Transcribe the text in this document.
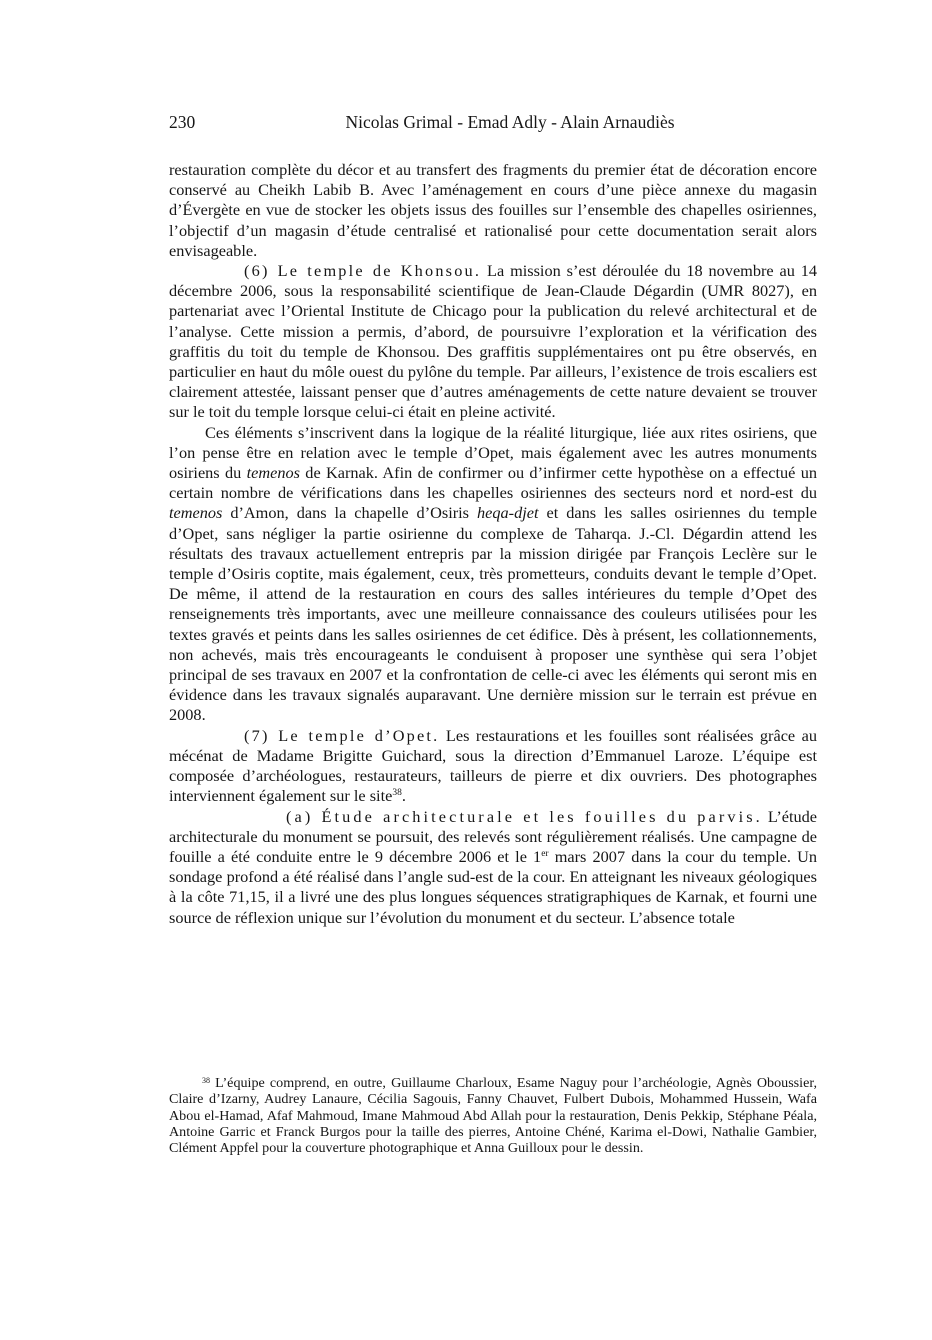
230	Nicolas Grimal - Emad Adly - Alain Arnaudiès

restauration complète du décor et au transfert des fragments du premier état de décoration encore conservé au Cheikh Labib B. Avec l’aménagement en cours d’une pièce annexe du magasin d’Évergète en vue de stocker les objets issus des fouilles sur l’ensemble des chapelles osiriennes, l’objectif d’un magasin d’étude centralisé et rationalisé pour cette documentation serait alors envisageable.

(6) Le temple de Khonsou. La mission s’est déroulée du 18 novembre au 14 décembre 2006, sous la responsabilité scientifique de Jean-Claude Dégardin (UMR 8027), en partenariat avec l’Oriental Institute de Chicago pour la publication du relevé architectural et de l’analyse. Cette mission a permis, d’abord, de poursuivre l’exploration et la vérification des graffitis du toit du temple de Khonsou. Des graffitis supplémentaires ont pu être observés, en particulier en haut du môle ouest du pylône du temple. Par ailleurs, l’existence de trois escaliers est clairement attestée, laissant penser que d’autres aménagements de cette nature devaient se trouver sur le toit du temple lorsque celui-ci était en pleine activité.

Ces éléments s’inscrivent dans la logique de la réalité liturgique, liée aux rites osiriens, que l’on pense être en relation avec le temple d’Opet, mais également avec les autres monuments osiriens du temenos de Karnak. Afin de confirmer ou d’infirmer cette hypothèse on a effectué un certain nombre de vérifications dans les chapelles osiriennes des secteurs nord et nord-est du temenos d’Amon, dans la chapelle d’Osiris heqa-djet et dans les salles osiriennes du temple d’Opet, sans négliger la partie osirienne du complexe de Taharqa. J.-Cl. Dégardin attend les résultats des travaux actuellement entrepris par la mission dirigée par François Leclère sur le temple d’Osiris coptite, mais également, ceux, très prometteurs, conduits devant le temple d’Opet. De même, il attend de la restauration en cours des salles intérieures du temple d’Opet des renseignements très importants, avec une meilleure connaissance des couleurs utilisées pour les textes gravés et peints dans les salles osiriennes de cet édifice. Dès à présent, les collationnements, non achevés, mais très encourageants le conduisent à proposer une synthèse qui sera l’objet principal de ses travaux en 2007 et la confrontation de celle-ci avec les éléments qui seront mis en évidence dans les travaux signalés auparavant. Une dernière mission sur le terrain est prévue en 2008.

(7) Le temple d’Opet. Les restaurations et les fouilles sont réalisées grâce au mécénat de Madame Brigitte Guichard, sous la direction d’Emmanuel Laroze. L’équipe est composée d’archéologues, restaurateurs, tailleurs de pierre et dix ouvriers. Des photographes interviennent également sur le site$^{38}$.

(a) Étude architecturale et les fouilles du parvis. L’étude architecturale du monument se poursuit, des relevés sont régulièrement réalisés. Une campagne de fouille a été conduite entre le 9 décembre 2006 et le 1er mars 2007 dans la cour du temple. Un sondage profond a été réalisé dans l’angle sud-est de la cour. En atteignant les niveaux géologiques à la côte 71,15, il a livré une des plus longues séquences stratigraphiques de Karnak, et fourni une source de réflexion unique sur l’évolution du monument et du secteur. L’absence totale

$^{38}$ L’équipe comprend, en outre, Guillaume Charloux, Esame Naguy pour l’archéologie, Agnès Oboussier, Claire d’Izarny, Audrey Lanaure, Cécilia Sagouis, Fanny Chauvet, Fulbert Dubois, Mohammed Hussein, Wafa Abou el-Hamad, Afaf Mahmoud, Imane Mahmoud Abd Allah pour la restauration, Denis Pekkip, Stéphane Péala, Antoine Garric et Franck Burgos pour la taille des pierres, Antoine Chéné, Karima el-Dowi, Nathalie Gambier, Clément Appfel pour la couverture photographique et Anna Guilloux pour le dessin.
